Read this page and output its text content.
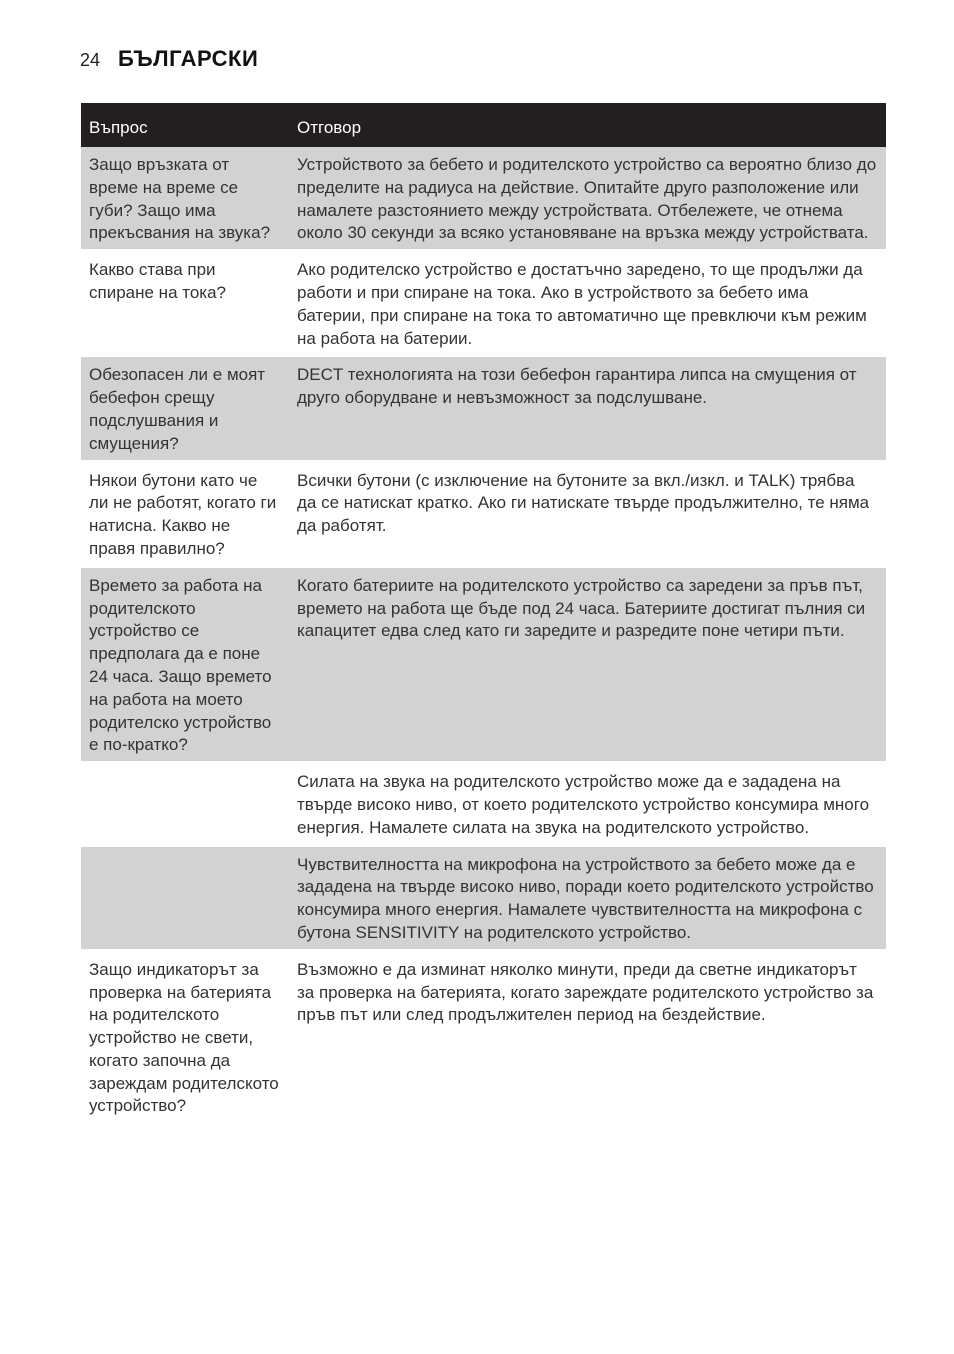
24 БЪЛГАРСКИ
Въпрос	Отговор
Защо връзката от време на време се губи? Защо има прекъсвания на звука?	Устройството за бебето и родителското устройство са вероятно близо до пределите на радиуса на действие. Опитайте друго разположение или намалете разстоянието между устройствата. Отбележете, че отнема около 30 секунди за всяко установяване на връзка между устройствата.
Какво става при спиране на тока?	Ако родителско устройство е достатъчно заредено, то ще продължи да работи и при спиране на тока. Ако в устройството за бебето има батерии, при спиране на тока то автоматично ще превключи към режим на работа на батерии.
Обезопасен ли е моят бебефон срещу подслушвания и смущения?	DECT технологията на този бебефон гарантира липса на смущения от друго оборудване и невъзможност за подслушване.
Някои бутони като че ли не работят, когато ги натисна. Какво не правя правилно?	Всички бутони (с изключение на бутоните за вкл./изкл. и TALK) трябва да се натискат кратко. Ако ги натискате твърде продължително, те няма да работят.
Времето за работа на родителското устройство се предполага да е поне 24 часа. Защо времето на работа на моето родителско устройство е по-кратко?	Когато батериите на родителското устройство са заредени за пръв път, времето на работа ще бъде под 24 часа. Батериите достигат пълния си капацитет едва след като ги заредите и разредите поне четири пъти.
	Силата на звука на родителското устройство може да е зададена на твърде високо ниво, от което родителското устройство консумира много енергия. Намалете силата на звука на родителското устройство.
	Чувствителността на микрофона на устройството за бебето може да е зададена на твърде високо ниво, поради което родителското устройство консумира много енергия. Намалете чувствителността на микрофона с бутона SENSITIVITY на родителското устройство.
Защо индикаторът за проверка на батерията на родителското устройство не свети, когато започна да зареждам родителското устройство?	Възможно е да изминат няколко минути, преди да светне индикаторът за проверка на батерията, когато зареждате родителското устройство за пръв път или след продължителен период на бездействие.
